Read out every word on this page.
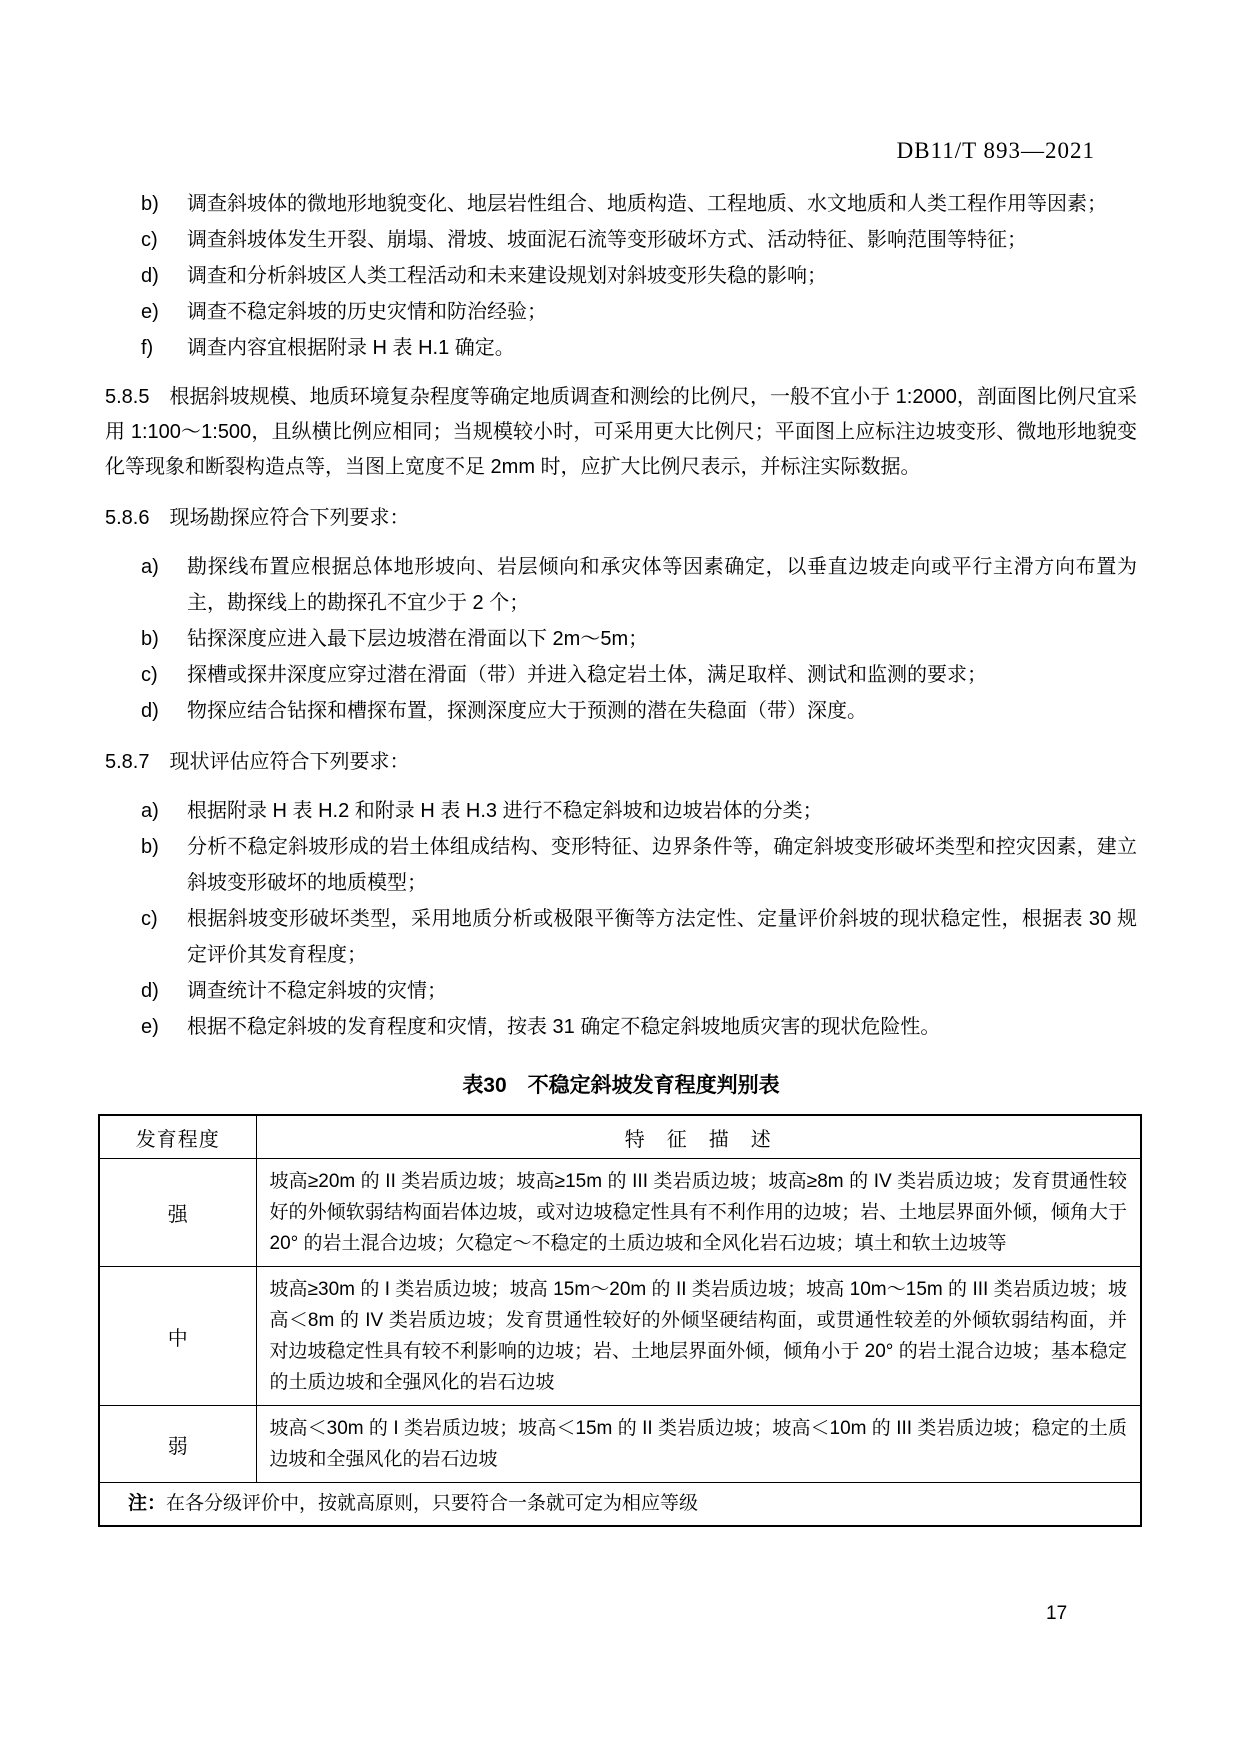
DB11/T 893—2021
b)	调查斜坡体的微地形地貌变化、地层岩性组合、地质构造、工程地质、水文地质和人类工程作用等因素；
c)	调查斜坡体发生开裂、崩塌、滑坡、坡面泥石流等变形破坏方式、活动特征、影响范围等特征；
d)	调查和分析斜坡区人类工程活动和未来建设规划对斜坡变形失稳的影响；
e)	调查不稳定斜坡的历史灾情和防治经验；
f)	调查内容宜根据附录 H 表 H.1 确定。

5.8.5 根据斜坡规模、地质环境复杂程度等确定地质调查和测绘的比例尺，一般不宜小于 1:2000，剖面图比例尺宜采用 1:100～1:500，且纵横比例应相同；当规模较小时，可采用更大比例尺；平面图上应标注边坡变形、微地形地貌变化等现象和断裂构造点等，当图上宽度不足 2mm 时，应扩大比例尺表示，并标注实际数据。

5.8.6 现场勘探应符合下列要求：

a)	勘探线布置应根据总体地形坡向、岩层倾向和承灾体等因素确定，以垂直边坡走向或平行主滑方向布置为主，勘探线上的勘探孔不宜少于 2 个；
b)	钻探深度应进入最下层边坡潜在滑面以下 2m～5m；
c)	探槽或探井深度应穿过潜在滑面（带）并进入稳定岩土体，满足取样、测试和监测的要求；
d)	物探应结合钻探和槽探布置，探测深度应大于预测的潜在失稳面（带）深度。

5.8.7 现状评估应符合下列要求：

a)	根据附录 H 表 H.2 和附录 H 表 H.3 进行不稳定斜坡和边坡岩体的分类；
b)	分析不稳定斜坡形成的岩土体组成结构、变形特征、边界条件等，确定斜坡变形破坏类型和控灾因素，建立斜坡变形破坏的地质模型；
c)	根据斜坡变形破坏类型，采用地质分析或极限平衡等方法定性、定量评价斜坡的现状稳定性，根据表 30 规定评价其发育程度；
d)	调查统计不稳定斜坡的灾情；
e)	根据不稳定斜坡的发育程度和灾情，按表 31 确定不稳定斜坡地质灾害的现状危险性。
表30　不稳定斜坡发育程度判别表
发育程度	特　征　描　述
强	坡高≥20m 的 II 类岩质边坡；坡高≥15m 的 III 类岩质边坡；坡高≥8m 的 IV 类岩质边坡；发育贯通性较好的外倾软弱结构面岩体边坡，或对边坡稳定性具有不利作用的边坡；岩、土地层界面外倾，倾角大于 20° 的岩土混合边坡；欠稳定～不稳定的土质边坡和全风化岩石边坡；填土和软土边坡等
中	坡高≥30m 的 I 类岩质边坡；坡高 15m～20m 的 II 类岩质边坡；坡高 10m～15m 的 III 类岩质边坡；坡高＜8m 的 IV 类岩质边坡；发育贯通性较好的外倾坚硬结构面，或贯通性较差的外倾软弱结构面，并对边坡稳定性具有较不利影响的边坡；岩、土地层界面外倾，倾角小于 20° 的岩土混合边坡；基本稳定的土质边坡和全强风化的岩石边坡
弱	坡高＜30m 的 I 类岩质边坡；坡高＜15m 的 II 类岩质边坡；坡高＜10m 的 III 类岩质边坡；稳定的土质边坡和全强风化的岩石边坡
注：在各分级评价中，按就高原则，只要符合一条就可定为相应等级	
17
